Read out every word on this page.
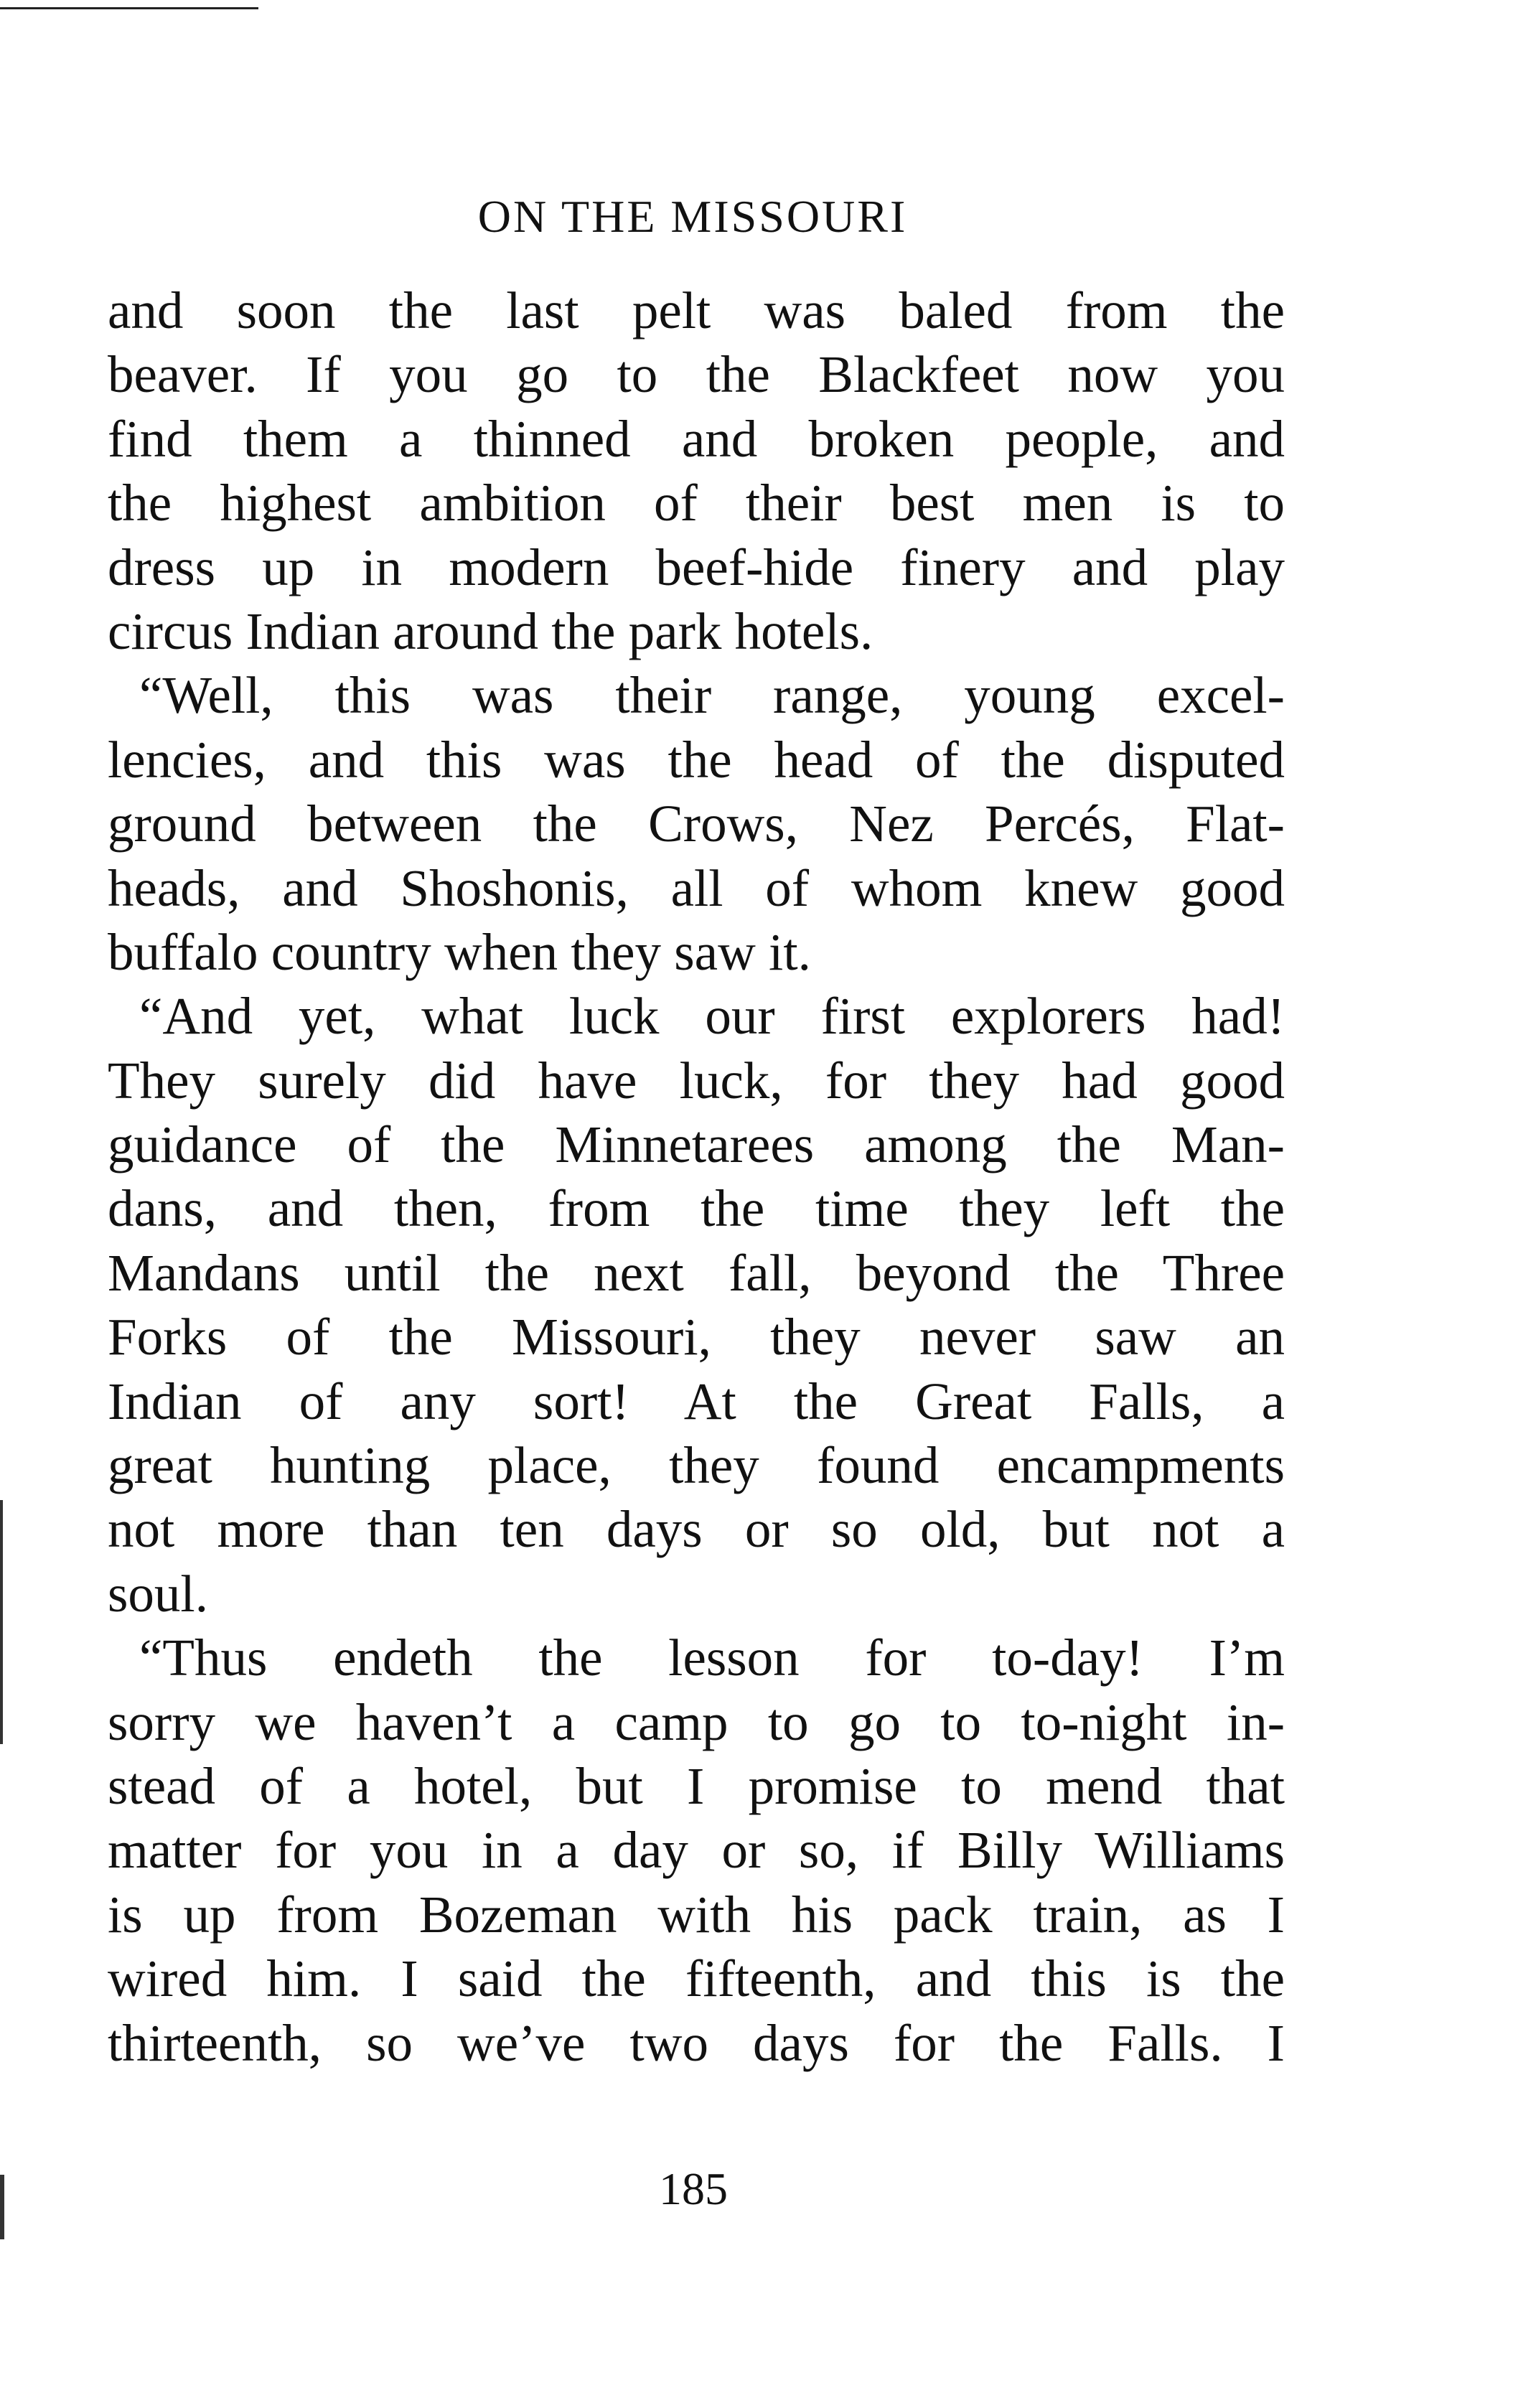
ON THE MISSOURI
and soon the last pelt was baled from the
beaver. If you go to the Blackfeet now you
find them a thinned and broken people, and
the highest ambition of their best men is to
dress up in modern beef-hide finery and play
circus Indian around the park hotels.
“Well, this was their range, young excel-
lencies, and this was the head of the disputed
ground between the Crows, Nez Percés, Flat-
heads, and Shoshonis, all of whom knew good
buffalo country when they saw it.
“And yet, what luck our first explorers had!
They surely did have luck, for they had good
guidance of the Minnetarees among the Man-
dans, and then, from the time they left the
Mandans until the next fall, beyond the Three
Forks of the Missouri, they never saw an
Indian of any sort! At the Great Falls, a
great hunting place, they found encampments
not more than ten days or so old, but not a
soul.
“Thus endeth the lesson for to-day! I’m
sorry we haven’t a camp to go to to-night in-
stead of a hotel, but I promise to mend that
matter for you in a day or so, if Billy Williams
is up from Bozeman with his pack train, as I
wired him. I said the fifteenth, and this is the
thirteenth, so we’ve two days for the Falls. I
185
